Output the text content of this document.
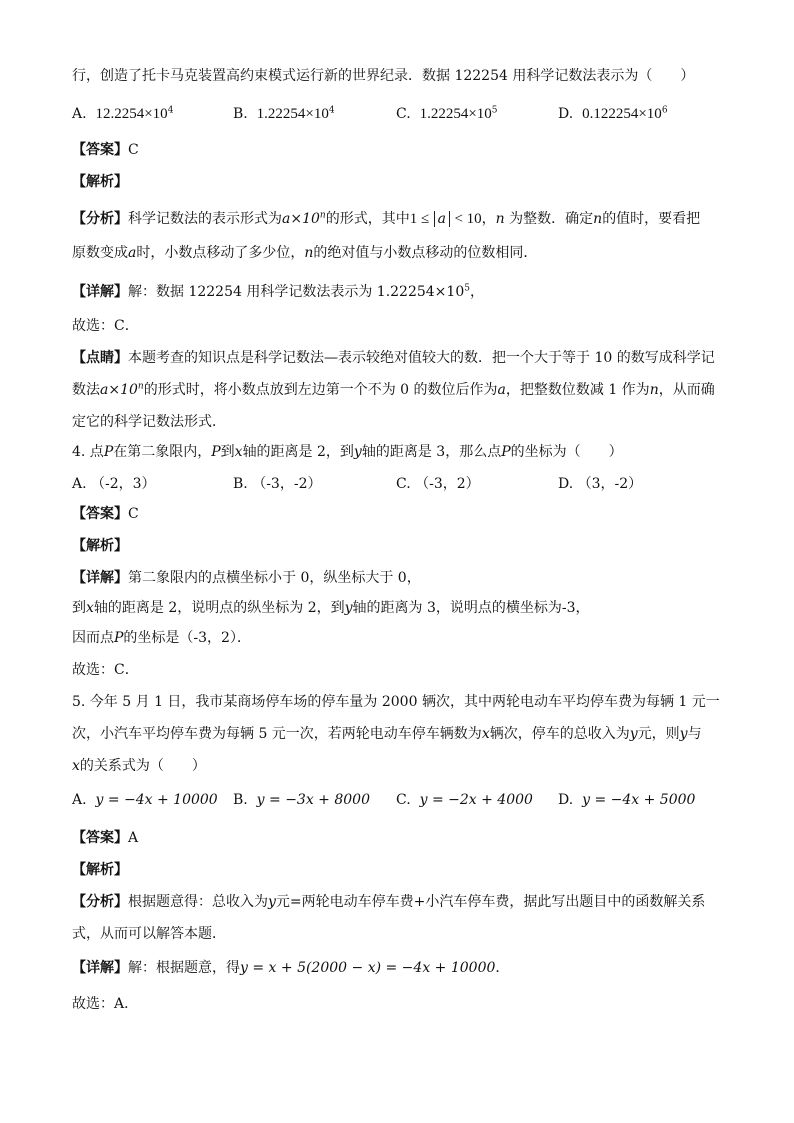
行，创造了托卡马克装置高约束模式运行新的世界纪录．数据 122254 用科学记数法表示为（　　）
A. $12.2254\times 10^4$	B. $1.22254\times 10^4$	C. $1.22254\times 10^5$	D. $0.122254\times 10^6$
【答案】C
【解析】
【分析】科学记数法的表示形式为$a\times 10^n$的形式，其中1 ≤ a < 10，n 为整数．确定n的值时，要看把
原数变成a时，小数点移动了多少位，n的绝对值与小数点移动的位数相同．
【详解】解：数据 122254 用科学记数法表示为 $1.22254\times 10^5$，
故选：C．
【点睛】本题考查的知识点是科学记数法—表示较绝对值较大的数．把一个大于等于 10 的数写成科学记
数法$a\times 10^n$的形式时，将小数点放到左边第一个不为 0 的数位后作为a，把整数位数减 1 作为n，从而确
定它的科学记数法形式．
4. 点P在第二象限内，P到x轴的距离是 2，到y轴的距离是 3，那么点P的坐标为（　　）
A. （-2，3）	B. （-3，-2）	C. （-3，2）	D. （3，-2）
【答案】C
【解析】
【详解】第二象限内的点横坐标小于 0，纵坐标大于 0，
到x轴的距离是 2，说明点的纵坐标为 2，到y轴的距离为 3，说明点的横坐标为-3，
因而点P的坐标是（-3，2）．
故选：C．
5. 今年 5 月 1 日，我市某商场停车场的停车量为 2000 辆次，其中两轮电动车平均停车费为每辆 1 元一
次，小汽车平均停车费为每辆 5 元一次，若两轮电动车停车辆数为x辆次，停车的总收入为y元，则y与
x的关系式为（　　）
A. y = −4x + 10000 B. y = −3x + 8000 C. y = −2x + 4000 D. y = −4x + 5000
【答案】A
【解析】
【分析】根据题意得：总收入为y元=两轮电动车停车费+小汽车停车费，据此写出题目中的函数解关系
式，从而可以解答本题．
【详解】解：根据题意，得y = x + 5(2000 − x) = −4x + 10000．
故选：A．
